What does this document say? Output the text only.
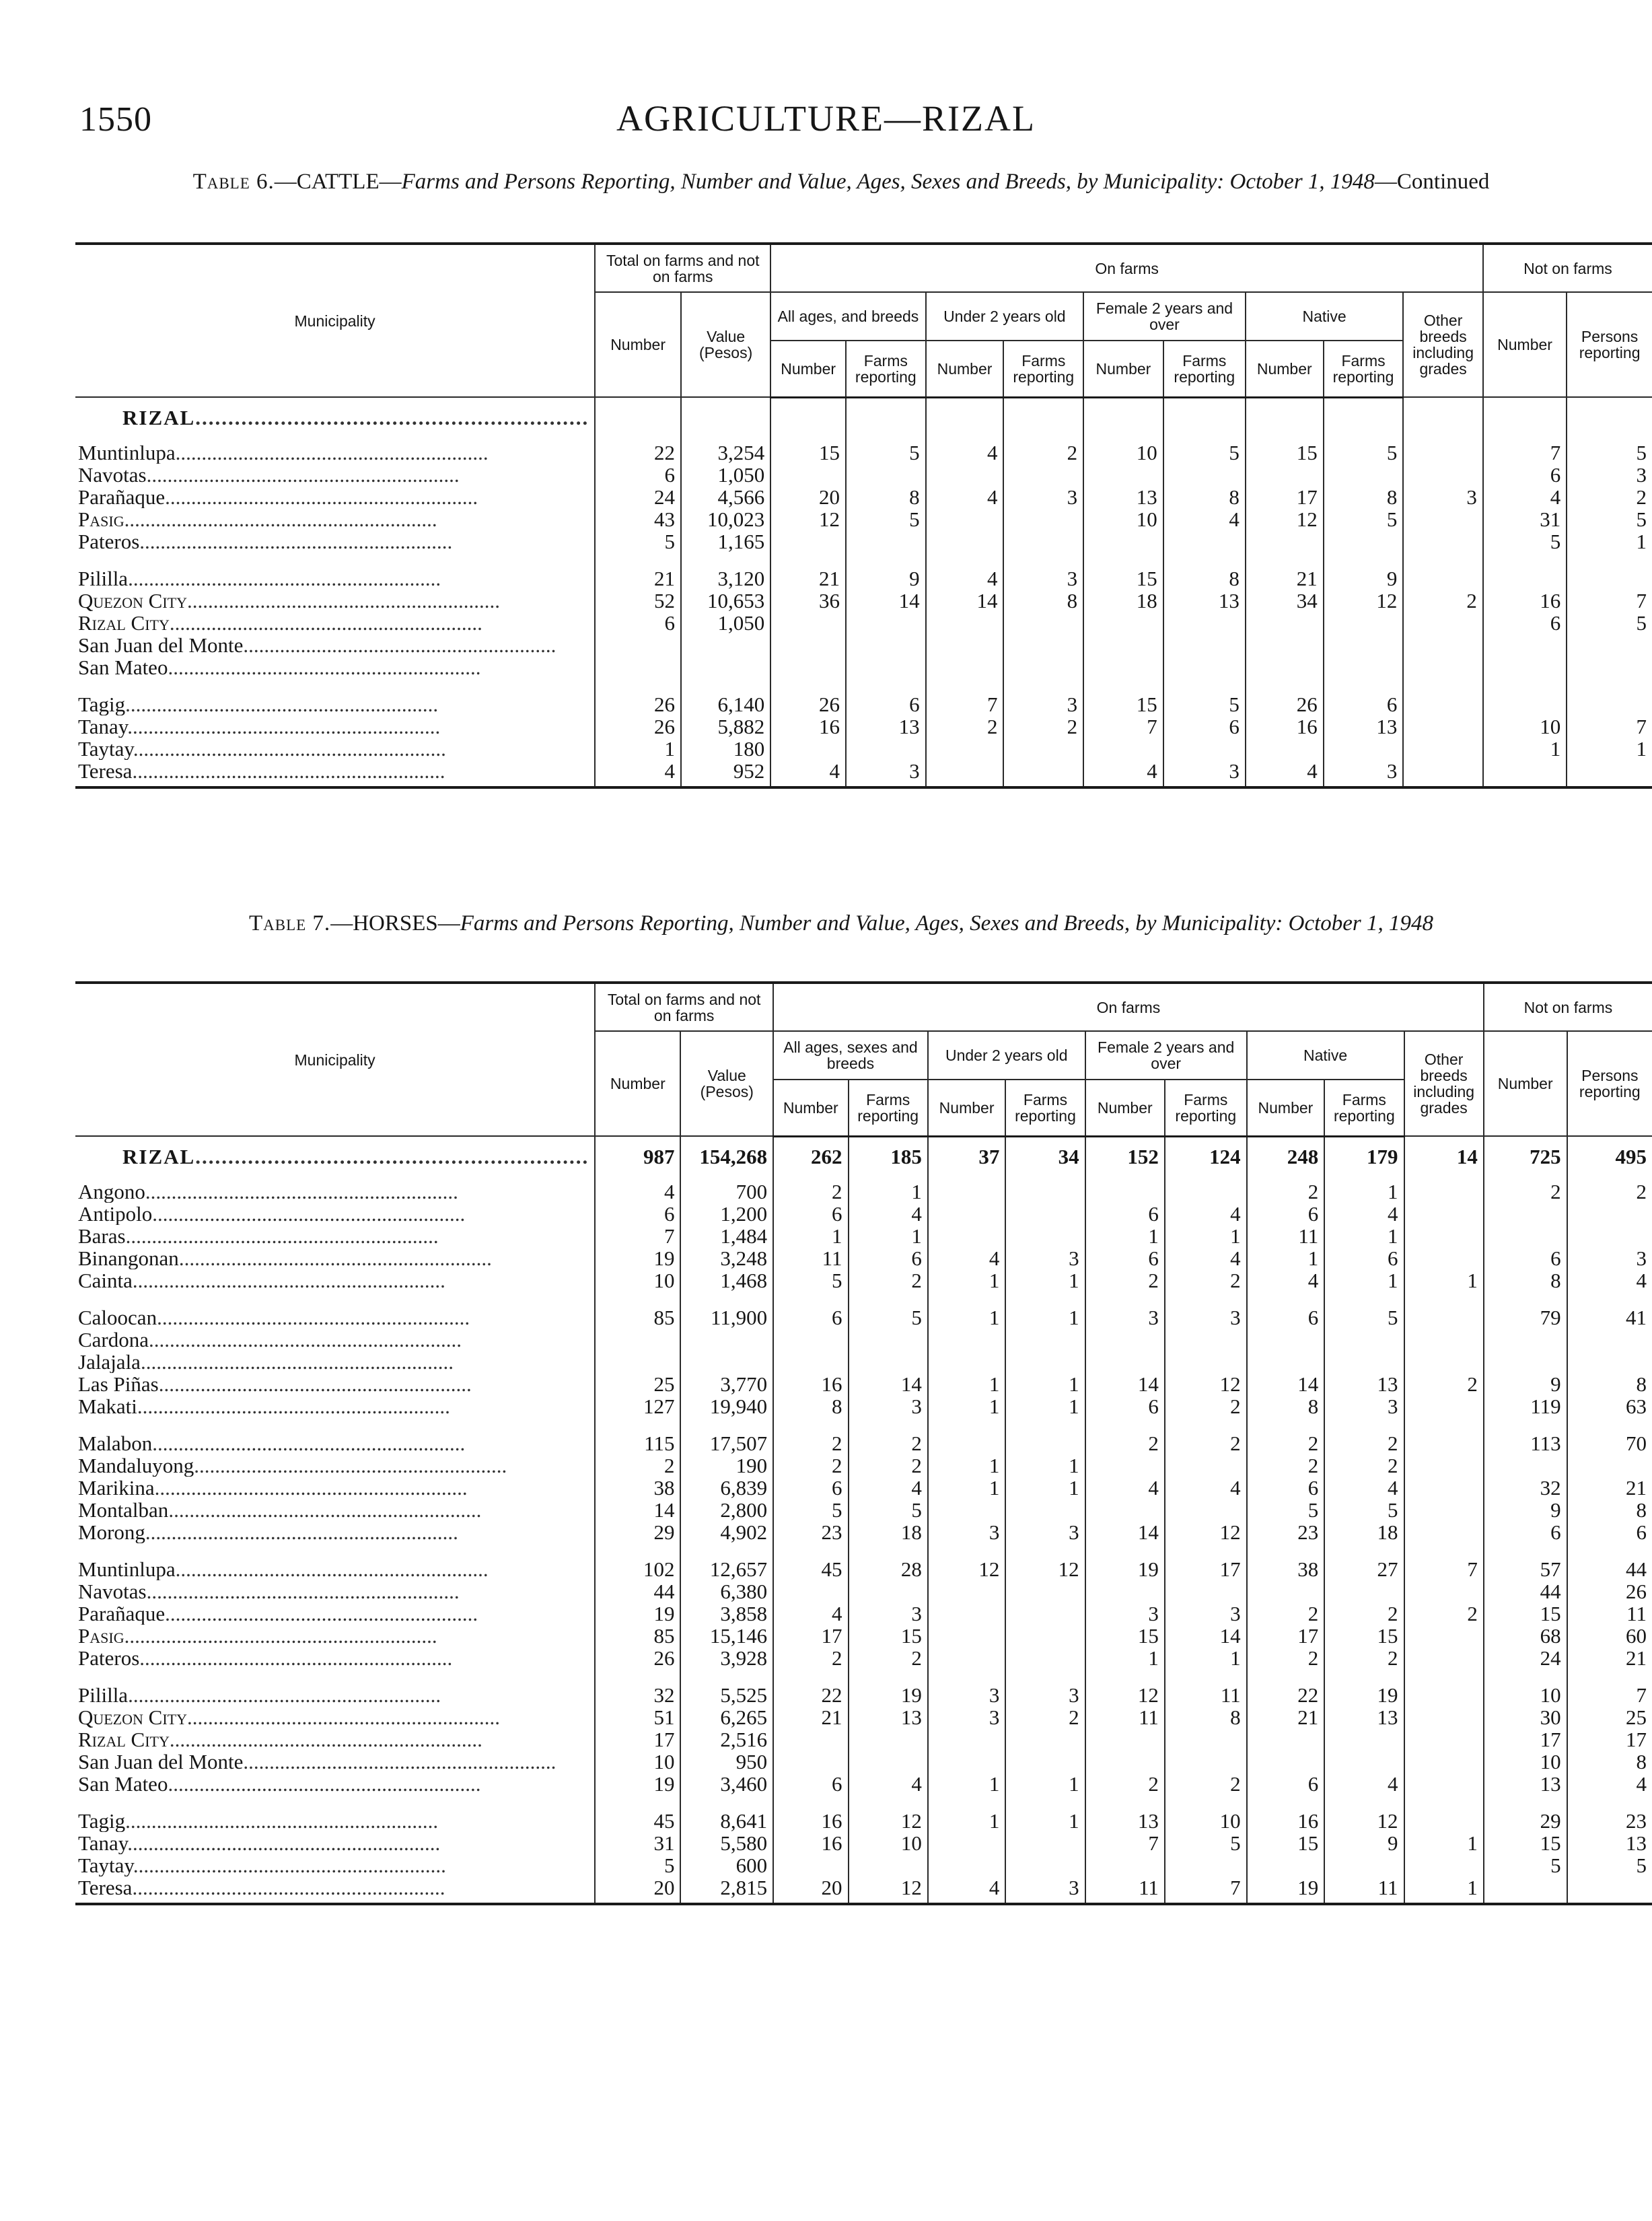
1550	AGRICULTURE—RIZAL
Table 6.—CATTLE—Farms and Persons Reporting, Number and Value, Ages, Sexes and Breeds, by Municipality: October 1, 1948—Continued
Municipality	Total on farms and not on farms		On farms									Not on farms	
	Number	Value (Pesos)	All ages, and breeds		Under 2 years old		Female 2 years and over		Native		Other breeds including grades	Number	Persons reporting
			Number	Farms reporting	Number	Farms reporting	Number	Farms reporting	Number	Farms reporting			
RIZAL............................................................													
Muntinlupa............................................................	22	3,254	15	5	4	2	10	5	15	5		7	5
Navotas............................................................	6	1,050										6	3
Parañaque............................................................	24	4,566	20	8	4	3	13	8	17	8	3	4	2
Pasig............................................................	43	10,023	12	5			10	4	12	5		31	5
Pateros............................................................	5	1,165										5	1

Pililla............................................................	21	3,120	21	9	4	3	15	8	21	9			
Quezon City............................................................	52	10,653	36	14	14	8	18	13	34	12	2	16	7
Rizal City............................................................	6	1,050										6	5
San Juan del Monte............................................................													
San Mateo............................................................													

Tagig............................................................	26	6,140	26	6	7	3	15	5	26	6			
Tanay............................................................	26	5,882	16	13	2	2	7	6	16	13		10	7
Taytay............................................................	1	180										1	1
Teresa............................................................	4	952	4	3			4	3	4	3			
Table 7.—HORSES—Farms and Persons Reporting, Number and Value, Ages, Sexes and Breeds, by Municipality: October 1, 1948
Municipality	Total on farms and not on farms		On farms									Not on farms	
	Number	Value (Pesos)	All ages, sexes and breeds		Under 2 years old		Female 2 years and over		Native		Other breeds including grades	Number	Persons reporting
			Number	Farms reporting	Number	Farms reporting	Number	Farms reporting	Number	Farms reporting			
RIZAL............................................................	987	154,268	262	185	37	34	152	124	248	179	14	725	495
Angono............................................................	4	700	2	1					2	1		2	2
Antipolo............................................................	6	1,200	6	4			6	4	6	4			
Baras............................................................	7	1,484	1	1			1	1	11	1			
Binangonan............................................................	19	3,248	11	6	4	3	6	4	1	6		6	3
Cainta............................................................	10	1,468	5	2	1	1	2	2	4	1	1	8	4

Caloocan............................................................	85	11,900	6	5	1	1	3	3	6	5		79	41
Cardona............................................................													
Jalajala............................................................													
Las Piñas............................................................	25	3,770	16	14	1	1	14	12	14	13	2	9	8
Makati............................................................	127	19,940	8	3	1	1	6	2	8	3		119	63

Malabon............................................................	115	17,507	2	2			2	2	2	2		113	70
Mandaluyong............................................................	2	190	2	2	1	1			2	2			
Marikina............................................................	38	6,839	6	4	1	1	4	4	6	4		32	21
Montalban............................................................	14	2,800	5	5					5	5		9	8
Morong............................................................	29	4,902	23	18	3	3	14	12	23	18		6	6

Muntinlupa............................................................	102	12,657	45	28	12	12	19	17	38	27	7	57	44
Navotas............................................................	44	6,380										44	26
Parañaque............................................................	19	3,858	4	3			3	3	2	2	2	15	11
Pasig............................................................	85	15,146	17	15			15	14	17	15		68	60
Pateros............................................................	26	3,928	2	2			1	1	2	2		24	21

Pililla............................................................	32	5,525	22	19	3	3	12	11	22	19		10	7
Quezon City............................................................	51	6,265	21	13	3	2	11	8	21	13		30	25
Rizal City............................................................	17	2,516										17	17
San Juan del Monte............................................................	10	950										10	8
San Mateo............................................................	19	3,460	6	4	1	1	2	2	6	4		13	4

Tagig............................................................	45	8,641	16	12	1	1	13	10	16	12		29	23
Tanay............................................................	31	5,580	16	10			7	5	15	9	1	15	13
Taytay............................................................	5	600										5	5
Teresa............................................................	20	2,815	20	12	4	3	11	7	19	11	1		
